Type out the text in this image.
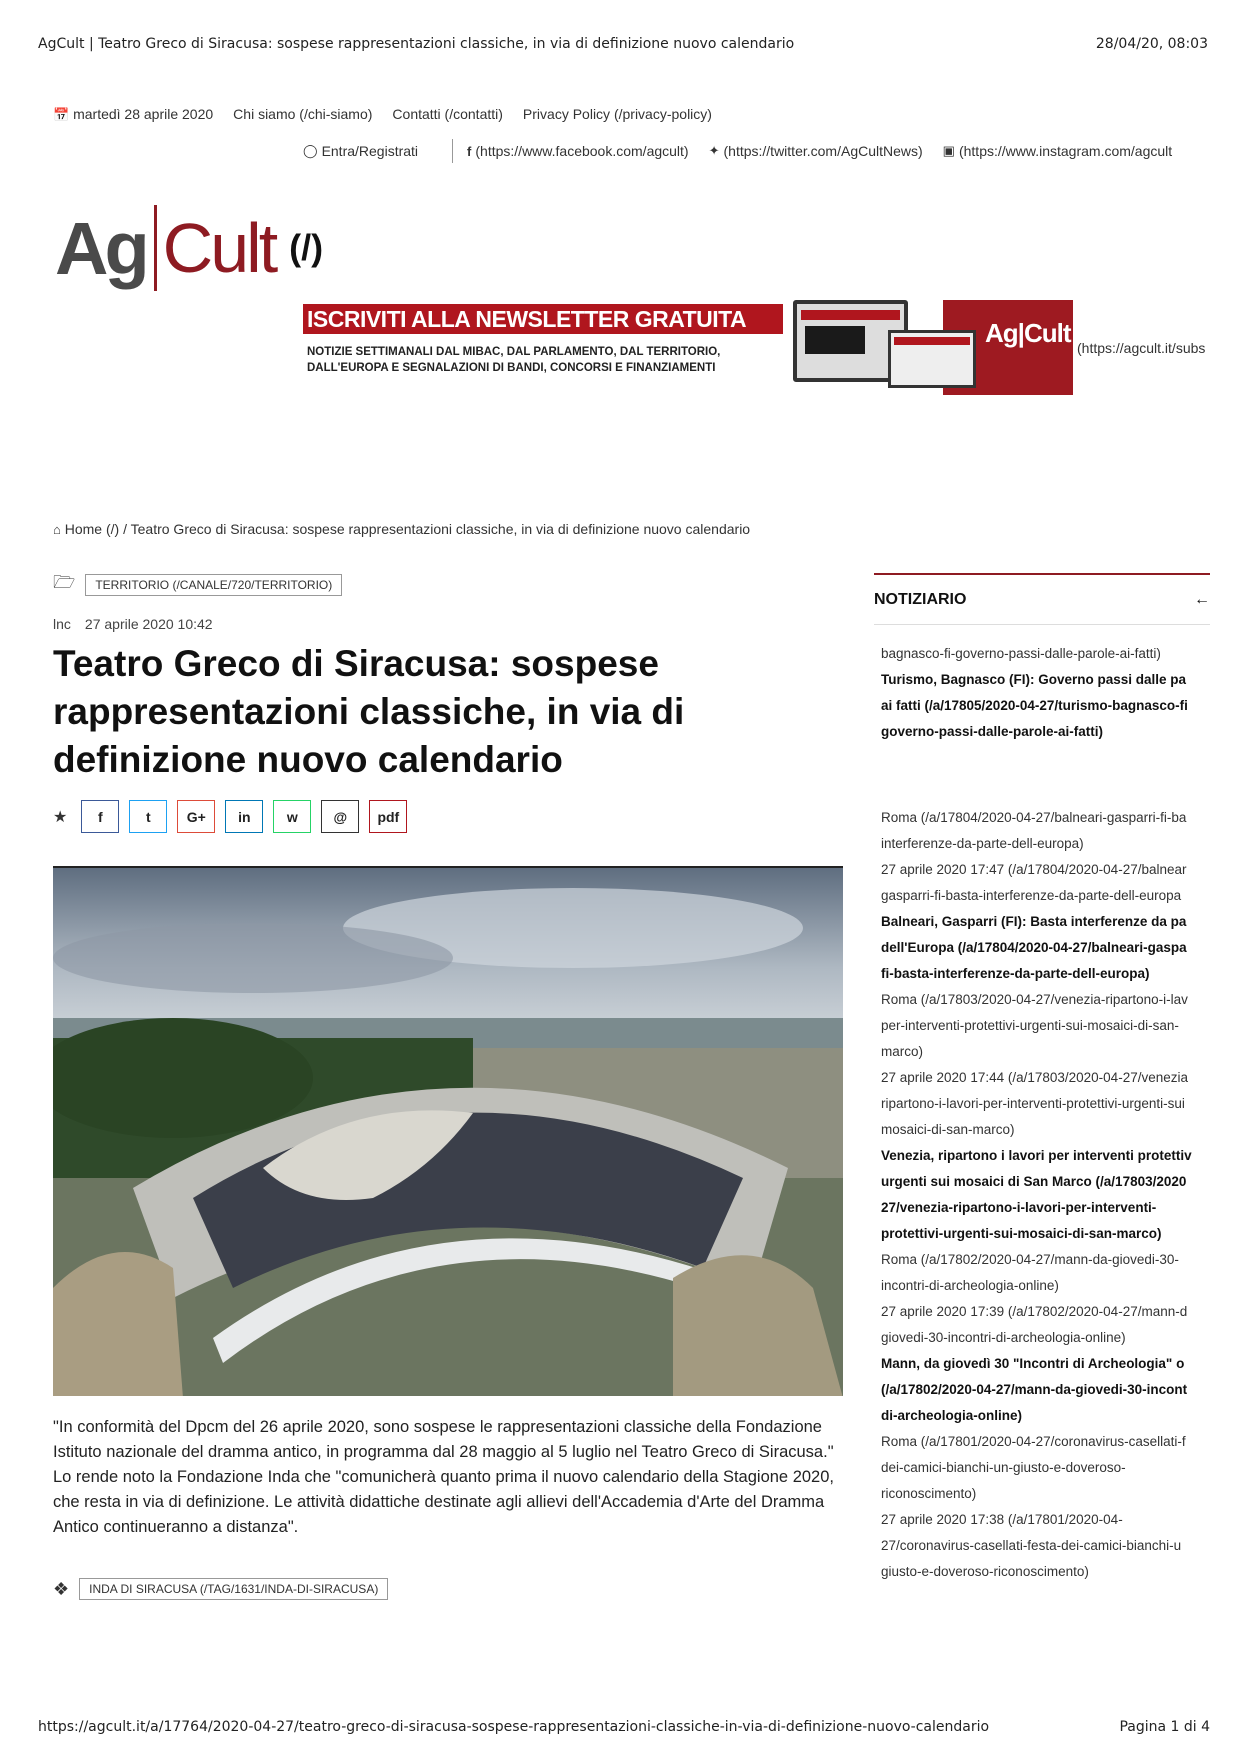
AgCult | Teatro Greco di Siracusa: sospese rappresentazioni classiche, in via di definizione nuovo calendario	28/04/20, 08:03
📅 martedì 28 aprile 2020 Chi siamo (/chi-siamo) Contatti (/contatti) Privacy Policy (/privacy-policy)
◯ Entra/Registrati	f (https://www.facebook.com/agcult) ✦ (https://twitter.com/AgCultNews) ▣ (https://www.instagram.com/agcult
Ag Cult (/)
ISCRIVITI ALLA NEWSLETTER GRATUITA
NOTIZIE SETTIMANALI DAL MIBAC, DAL PARLAMENTO, DAL TERRITORIO,
DALL'EUROPA E SEGNALAZIONI DI BANDI, CONCORSI E FINANZIAMENTI
Ag|Cult (https://agcult.it/subs
⌂ Home (/) / Teatro Greco di Siracusa: sospese rappresentazioni classiche, in via di definizione nuovo calendario
🗁	TERRITORIO (/CANALE/720/TERRITORIO)
lnc 27 aprile 2020 10:42
Teatro Greco di Siracusa: sospese rappresentazioni classiche, in via di definizione nuovo calendario
★	f	t	G+	in	w	@	pdf

"In conformità del Dpcm del 26 aprile 2020, sono sospese le rappresentazioni classiche della Fondazione Istituto nazionale del dramma antico, in programma dal 28 maggio al 5 luglio nel Teatro Greco di Siracusa." Lo rende noto la Fondazione Inda che "comunicherà quanto prima il nuovo calendario della Stagione 2020, che resta in via di definizione. Le attività didattiche destinate agli allievi dell'Accademia d'Arte del Dramma Antico continueranno a distanza".

❖	INDA DI SIRACUSA (/TAG/1631/INDA-DI-SIRACUSA)
NOTIZIARIO	←
bagnasco-fi-governo-passi-dalle-parole-ai-fatti)
Turismo, Bagnasco (FI): Governo passi dalle pa
ai fatti (/a/17805/2020-04-27/turismo-bagnasco-fi
governo-passi-dalle-parole-ai-fatti)
Roma (/a/17804/2020-04-27/balneari-gasparri-fi-ba
interferenze-da-parte-dell-europa)
27 aprile 2020 17:47 (/a/17804/2020-04-27/balnear
gasparri-fi-basta-interferenze-da-parte-dell-europa
Balneari, Gasparri (FI): Basta interferenze da pa
dell'Europa (/a/17804/2020-04-27/balneari-gaspa
fi-basta-interferenze-da-parte-dell-europa)
Roma (/a/17803/2020-04-27/venezia-ripartono-i-lav
per-interventi-protettivi-urgenti-sui-mosaici-di-san-
marco)
27 aprile 2020 17:44 (/a/17803/2020-04-27/venezia
ripartono-i-lavori-per-interventi-protettivi-urgenti-sui
mosaici-di-san-marco)
Venezia, ripartono i lavori per interventi protettiv
urgenti sui mosaici di San Marco (/a/17803/2020
27/venezia-ripartono-i-lavori-per-interventi-
protettivi-urgenti-sui-mosaici-di-san-marco)
Roma (/a/17802/2020-04-27/mann-da-giovedi-30-
incontri-di-archeologia-online)
27 aprile 2020 17:39 (/a/17802/2020-04-27/mann-d
giovedi-30-incontri-di-archeologia-online)
Mann, da giovedì 30 "Incontri di Archeologia" o
(/a/17802/2020-04-27/mann-da-giovedi-30-incont
di-archeologia-online)
Roma (/a/17801/2020-04-27/coronavirus-casellati-f
dei-camici-bianchi-un-giusto-e-doveroso-
riconoscimento)
27 aprile 2020 17:38 (/a/17801/2020-04-
27/coronavirus-casellati-festa-dei-camici-bianchi-u
giusto-e-doveroso-riconoscimento)
https://agcult.it/a/17764/2020-04-27/teatro-greco-di-siracusa-sospese-rappresentazioni-classiche-in-via-di-definizione-nuovo-calendario	Pagina 1 di 4
